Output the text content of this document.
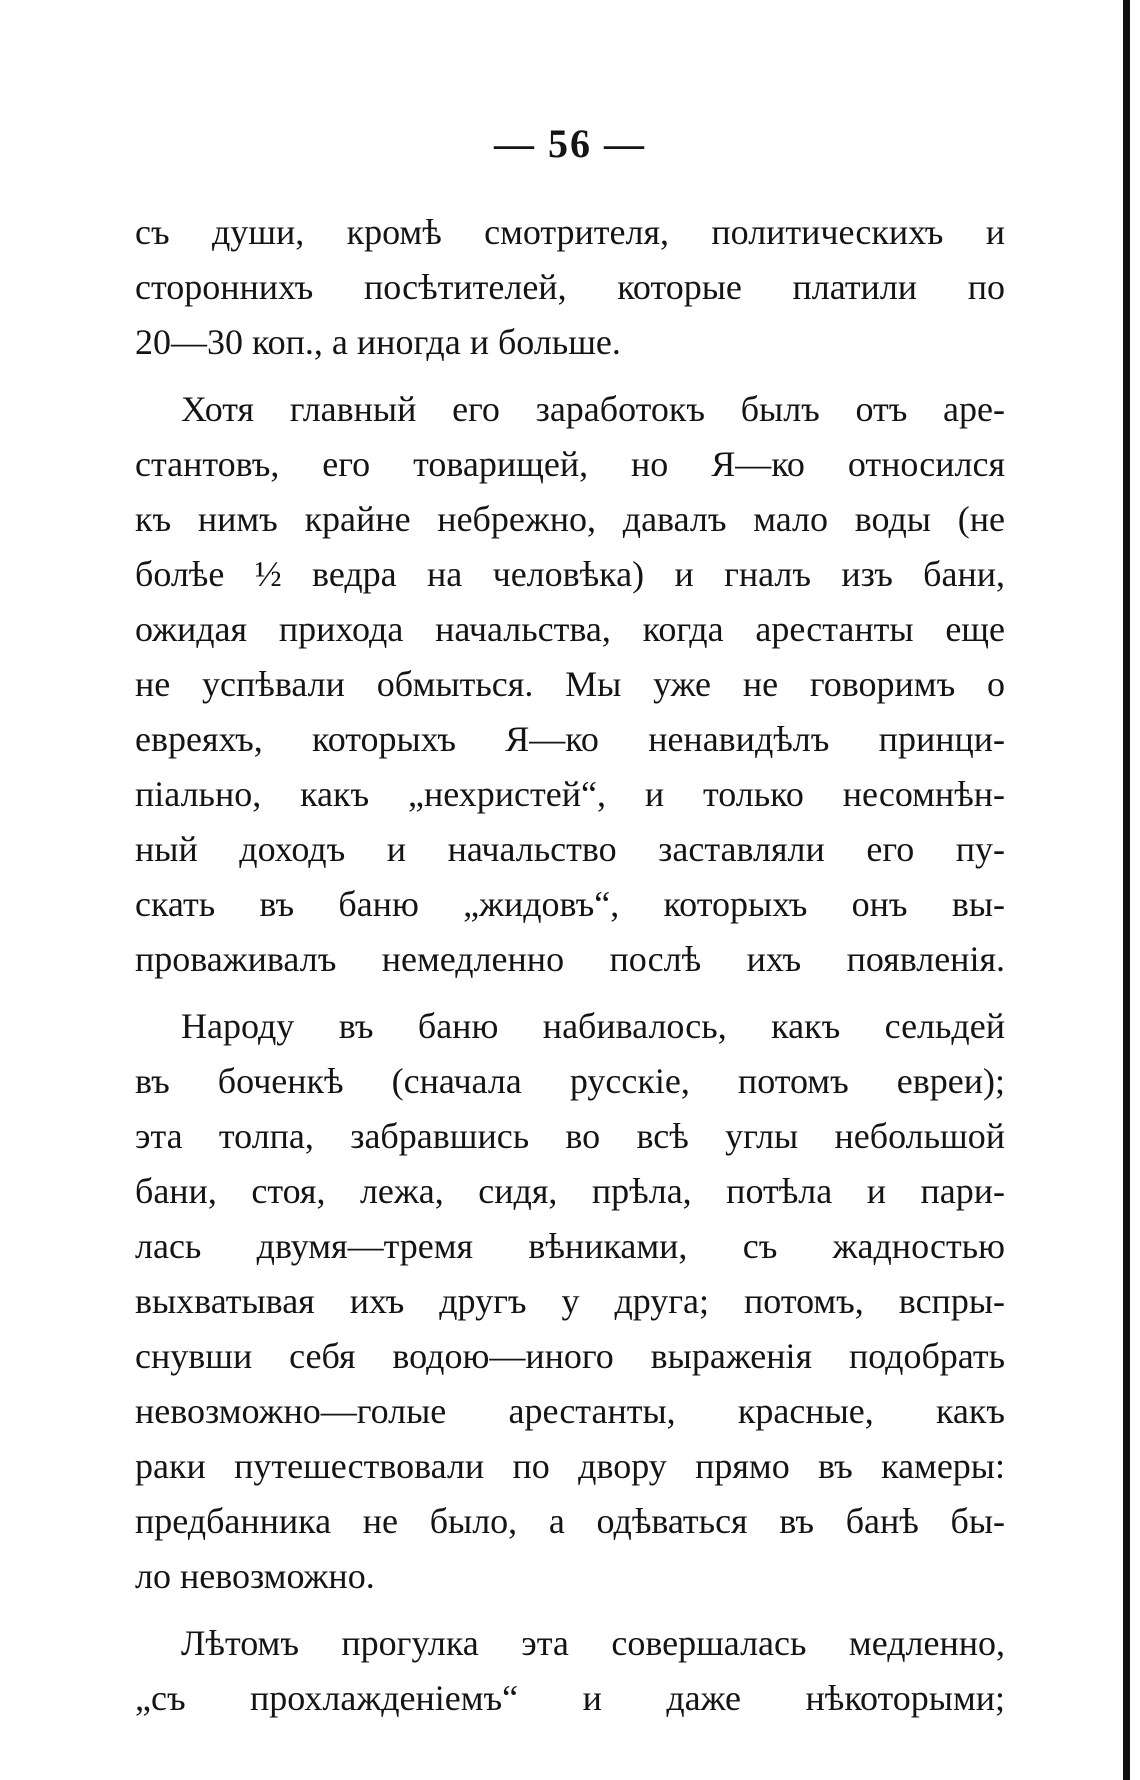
— 56 —
съ души, кромѣ смотрителя, политическихъ и
стороннихъ посѣтителей, которые платили по
20—30 коп., а иногда и больше.
Хотя главный его заработокъ былъ отъ аре-
стантовъ, его товарищей, но Я—ко относился
къ нимъ крайне небрежно, давалъ мало воды (не
болѣе ½ ведра на человѣка) и гналъ изъ бани,
ожидая прихода начальства, когда арестанты еще
не успѣвали обмыться. Мы уже не говоримъ о
евреяхъ, которыхъ Я—ко ненавидѣлъ принци-
піально, какъ „нехристей“, и только несомнѣн-
ный доходъ и начальство заставляли его пу-
скать въ баню „жидовъ“, которыхъ онъ вы-
проваживалъ немедленно послѣ ихъ появленія.
Народу въ баню набивалось, какъ сельдей
въ боченкѣ (сначала русскіе, потомъ евреи);
эта толпа, забравшись во всѣ углы небольшой
бани, стоя, лежа, сидя, прѣла, потѣла и пари-
лась двумя—тремя вѣниками, съ жадностью
выхватывая ихъ другъ у друга; потомъ, вспры-
снувши себя водою—иного выраженія подобрать
невозможно—голые арестанты, красные, какъ
раки путешествовали по двору прямо въ камеры:
предбанника не было, а одѣваться въ банѣ бы-
ло невозможно.
Лѣтомъ прогулка эта совершалась медленно,
„съ прохлажденіемъ“ и даже нѣкоторыми;
